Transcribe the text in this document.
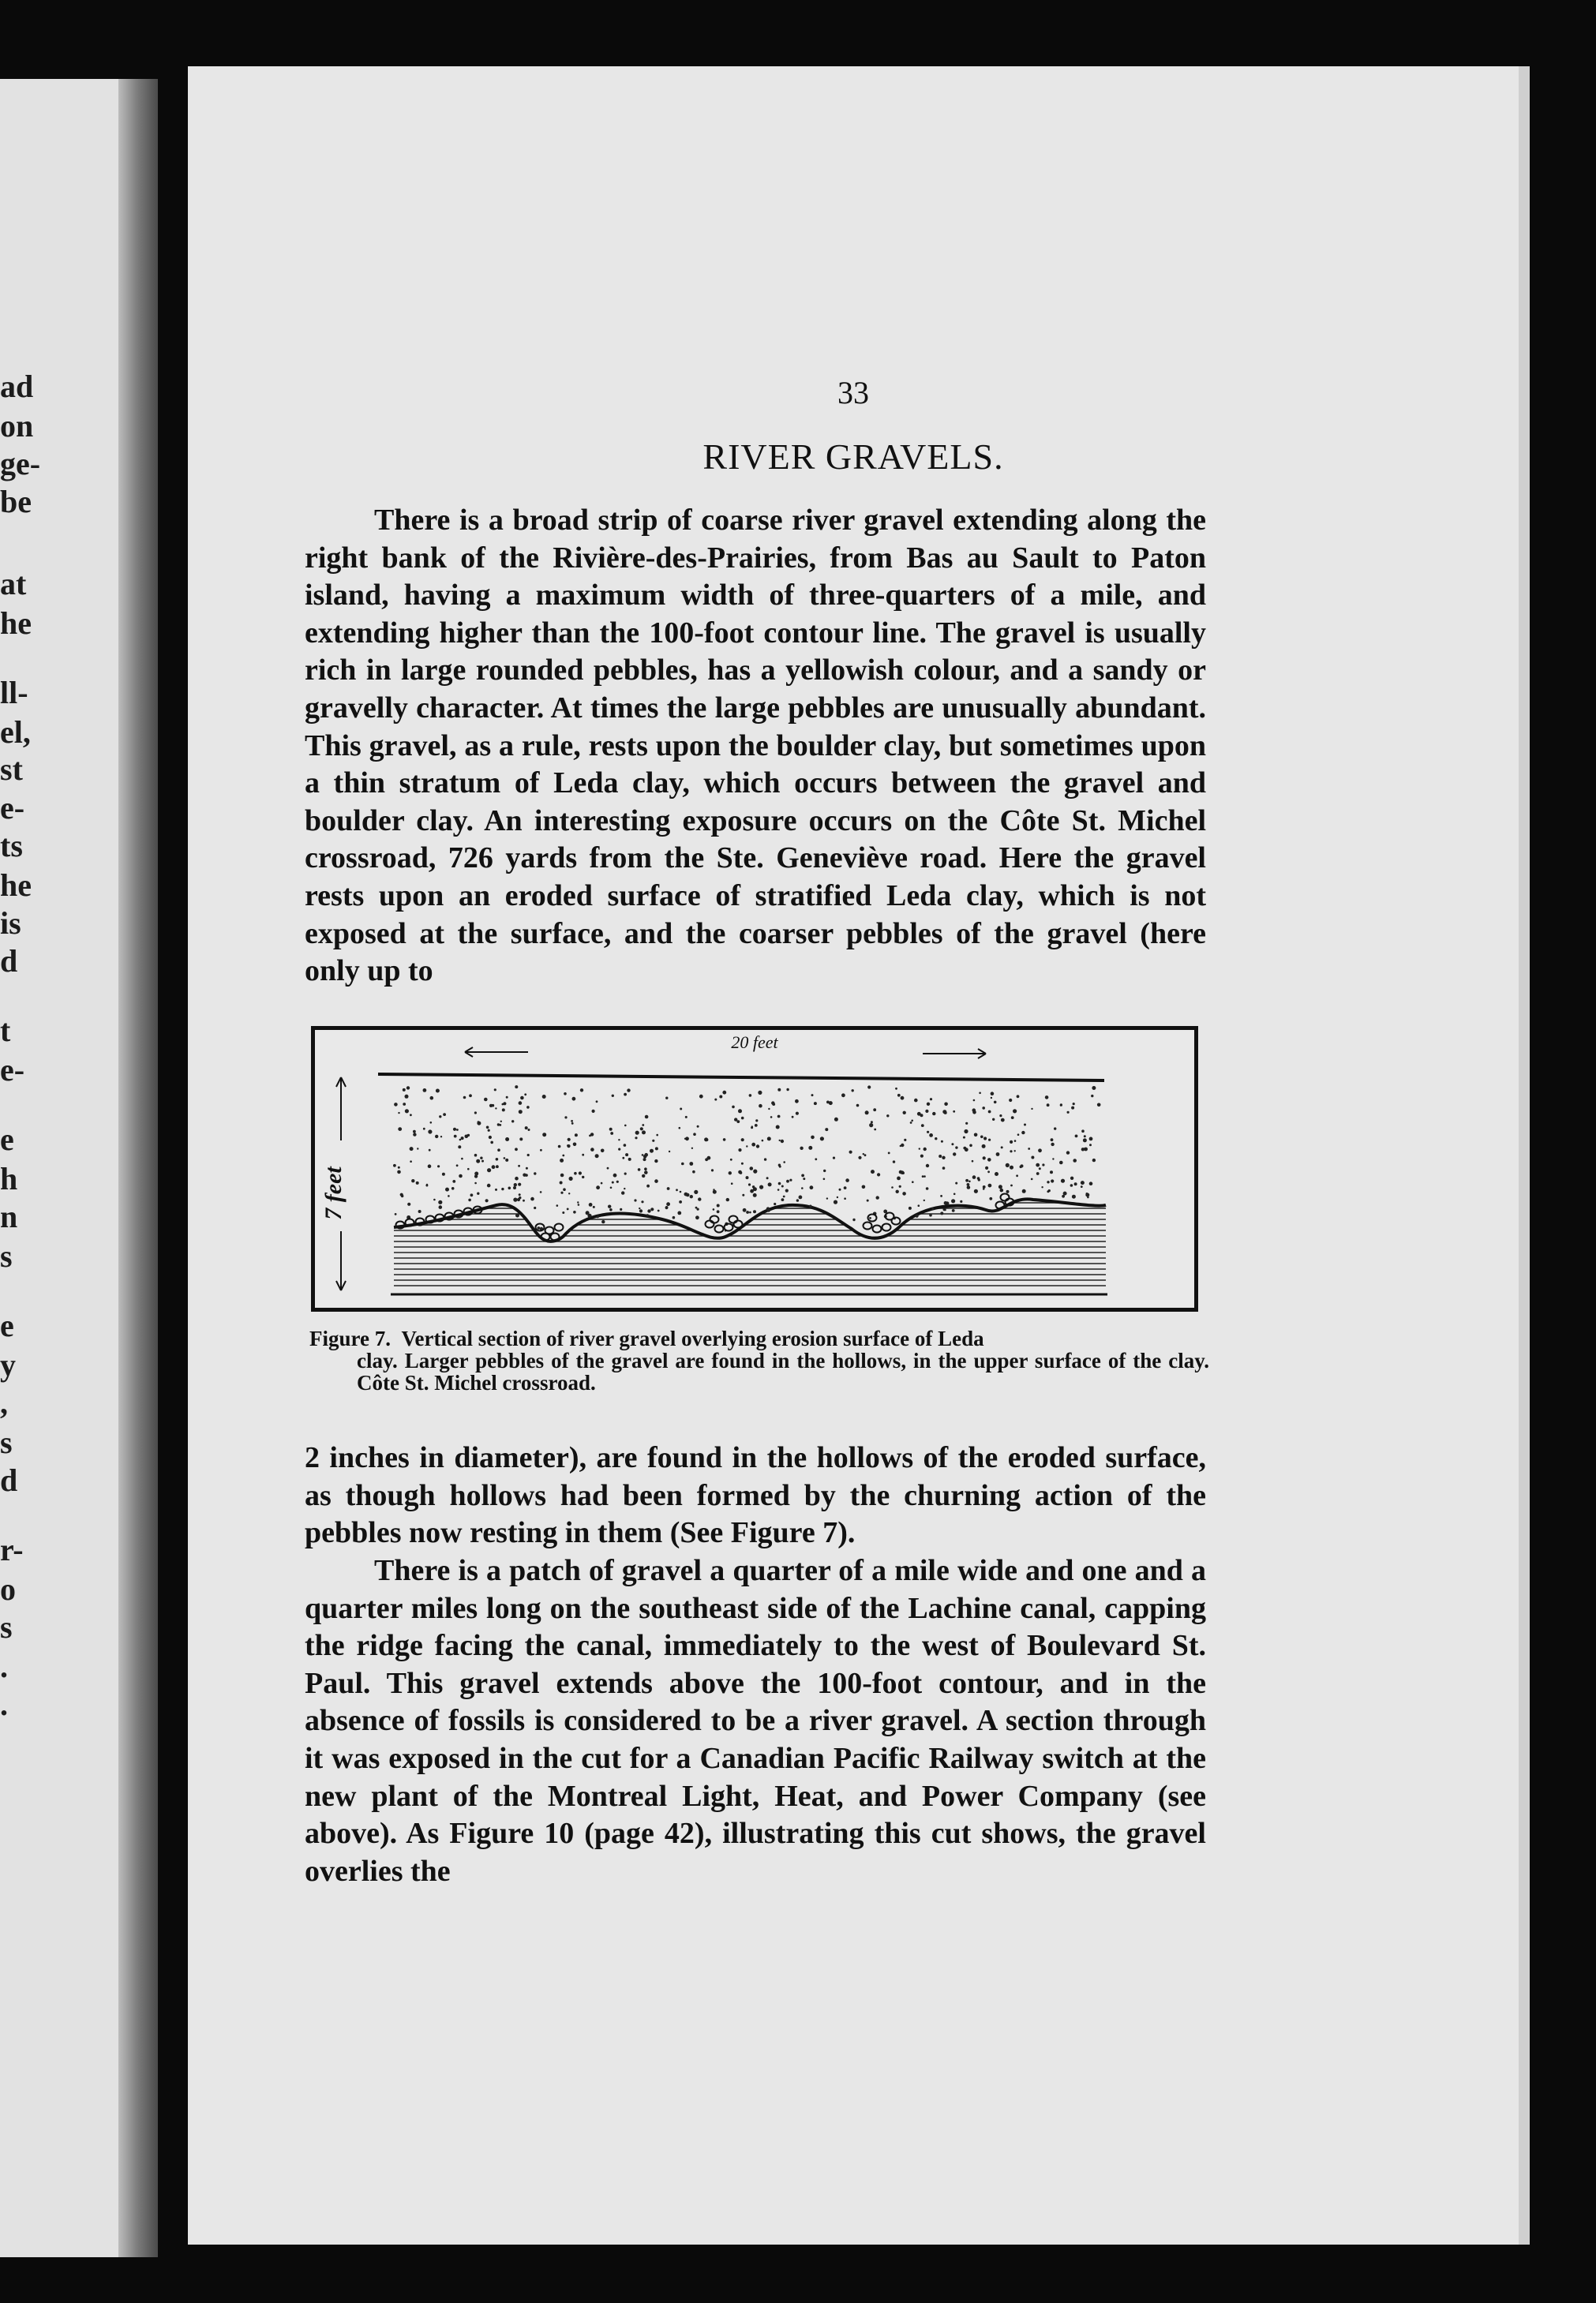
ad
on
ge-
be
at
he
ll-
el,
st
e-
ts
he
is
d
t
e-
e
h
n
s
e
y
,
s
d
r-
o
s
.
.
33
RIVER GRAVELS.

There is a broad strip of coarse river gravel extending along the right bank of the Rivière-des-Prairies, from Bas au Sault to Paton island, having a maximum width of three-quarters of a mile, and extending higher than the 100-foot contour line. The gravel is usually rich in large rounded pebbles, has a yellowish colour, and a sandy or gravelly character. At times the large pebbles are unusually abundant. This gravel, as a rule, rests upon the boulder clay, but sometimes upon a thin stratum of Leda clay, which occurs between the gravel and boulder clay. An interesting exposure occurs on the Côte St. Michel crossroad, 726 yards from the Ste. Geneviève road. Here the gravel rests upon an eroded surface of stratified Leda clay, which is not exposed at the surface, and the coarser pebbles of the gravel (here only up to

20 feet
7 feet
Figure 7. Vertical section of river gravel overlying erosion surface of Leda
clay. Larger pebbles of the gravel are found in the hollows, in the upper surface of the clay. Côte St. Michel crossroad.

2 inches in diameter), are found in the hollows of the eroded surface, as though hollows had been formed by the churning action of the pebbles now resting in them (See Figure 7).

There is a patch of gravel a quarter of a mile wide and one and a quarter miles long on the southeast side of the Lachine canal, capping the ridge facing the canal, immediately to the west of Boulevard St. Paul. This gravel extends above the 100-foot contour, and in the absence of fossils is considered to be a river gravel. A section through it was exposed in the cut for a Canadian Pacific Railway switch at the new plant of the Montreal Light, Heat, and Power Company (see above). As Figure 10 (page 42), illustrating this cut shows, the gravel overlies the
